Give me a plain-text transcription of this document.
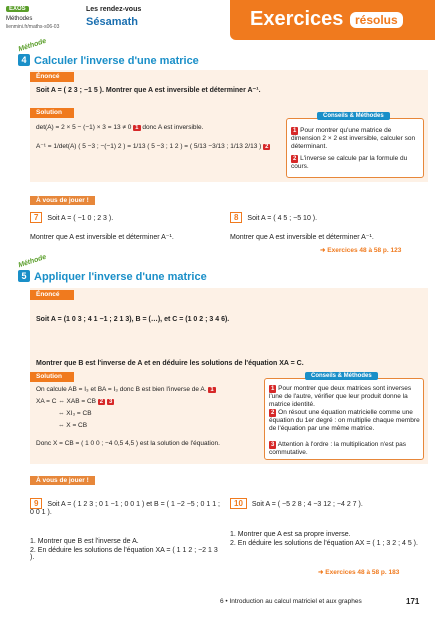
EXOS
Méthodes
lienmini.fr/maths-s06-03
Les rendez-vous
Sésamath	Exercices résolus
Méthode
4 Calculer l'inverse d'une matrice
Énoncé
Soit A = ( 2 3 ; −1 5 ). Montrer que A est inversible et déterminer A⁻¹.
Solution
det(A) = 2 × 5 − (−1) × 3 = 13 ≠ 0 1 donc A est inversible.
A⁻¹ = 1/det(A) ( 5 −3 ; −(−1) 2 ) = 1/13 ( 5 −3 ; 1 2 ) = ( 5/13 −3/13 ; 1/13 2/13 ) 2
Conseils & Méthodes
1 Pour montrer qu'une matrice de dimension 2 × 2 est inversible, calculer son déterminant.
2 L'inverse se calcule par la formule du cours.
À vous de jouer !
7 Soit A = ( −1 0 ; 2 3 ).
Montrer que A est inversible et déterminer A⁻¹.
8 Soit A = ( 4 5 ; −5 10 ).
Montrer que A est inversible et déterminer A⁻¹.
➜ Exercices 48 à 58 p. 123
Méthode
5 Appliquer l'inverse d'une matrice
Énoncé
Soit A = (1 0 3 ; 4 1 −1 ; 2 1 3), B = (…), et C = (1 0 2 ; 3 4 6).
Montrer que B est l'inverse de A et en déduire les solutions de l'équation XA = C.
Solution
On calcule AB = I₃ et BA = I₃ donc B est bien l'inverse de A. 1
XA = C ⇔ XAB = CB 2 3
⇔ XI₃ = CB
⇔ X = CB
Donc X = CB = ( 1 0 0 ; −4 0,5 4,5 ) est la solution de l'équation.
Conseils & Méthodes
1 Pour montrer que deux matrices sont inverses l'une de l'autre, vérifier que leur produit donne la matrice identité.
2 On résout une équation matricielle comme une équation du 1er degré : on multiplie chaque membre de l'équation par une même matrice.
3 Attention à l'ordre : la multiplication n'est pas commutative.
À vous de jouer !
9 Soit A = ( 1 2 3 ; 0 1 −1 ; 0 0 1 ) et B = ( 1 −2 −5 ; 0 1 1 ; 0 0 1 ).
1. Montrer que B est l'inverse de A.
2. En déduire les solutions de l'équation XA = ( 1 1 2 ; −2 1 3 ).
10 Soit A = ( −5 2 8 ; 4 −3 12 ; −4 2 7 ).
1. Montrer que A est sa propre inverse.
2. En déduire les solutions de l'équation AX = ( 1 ; 3 2 ; 4 5 ).
➜ Exercices 48 à 58 p. 183
6 • Introduction au calcul matriciel et aux graphes	171
